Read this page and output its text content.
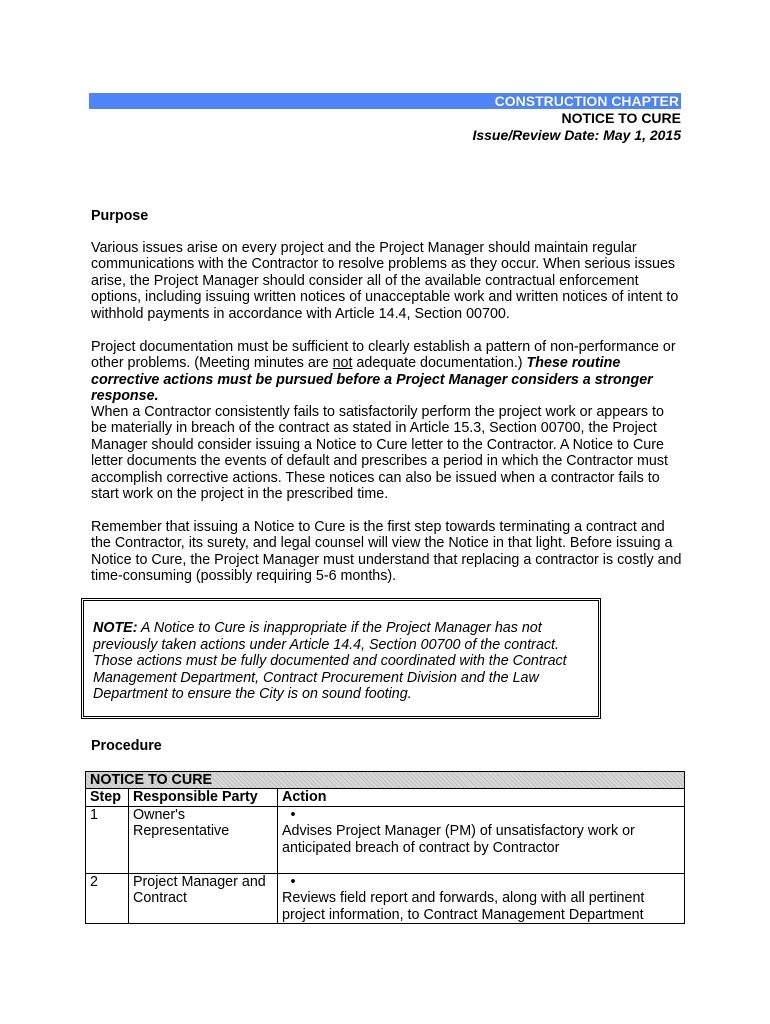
CONSTRUCTION CHAPTER
NOTICE TO CURE
Issue/Review Date: May 1, 2015
Purpose

Various issues arise on every project and the Project Manager should maintain regular communications with the Contractor to resolve problems as they occur. When serious issues arise, the Project Manager should consider all of the available contractual enforcement options, including issuing written notices of unacceptable work and written notices of intent to withhold payments in accordance with Article 14.4, Section 00700.

Project documentation must be sufficient to clearly establish a pattern of non-performance or other problems. (Meeting minutes are not adequate documentation.) These routine corrective actions must be pursued before a Project Manager considers a stronger response.

When a Contractor consistently fails to satisfactorily perform the project work or appears to be materially in breach of the contract as stated in Article 15.3, Section 00700, the Project Manager should consider issuing a Notice to Cure letter to the Contractor. A Notice to Cure letter documents the events of default and prescribes a period in which the Contractor must accomplish corrective actions. These notices can also be issued when a contractor fails to start work on the project in the prescribed time.

Remember that issuing a Notice to Cure is the first step towards terminating a contract and the Contractor, its surety, and legal counsel will view the Notice in that light. Before issuing a Notice to Cure, the Project Manager must understand that replacing a contractor is costly and time-consuming (possibly requiring 5-6 months).

NOTE: A Notice to Cure is inappropriate if the Project Manager has not previously taken actions under Article 14.4, Section 00700 of the contract. Those actions must be fully documented and coordinated with the Contract Management Department, Contract Procurement Division and the Law Department to ensure the City is on sound footing.
Procedure
NOTICE TO CURE		
Step	Responsible Party	Action
1	Owner's Representative	•Advises Project Manager (PM) of unsatisfactory work or anticipated breach of contract by Contractor
2	Project Manager and Contract	•Reviews field report and forwards, along with all pertinent project information, to Contract Management Department
